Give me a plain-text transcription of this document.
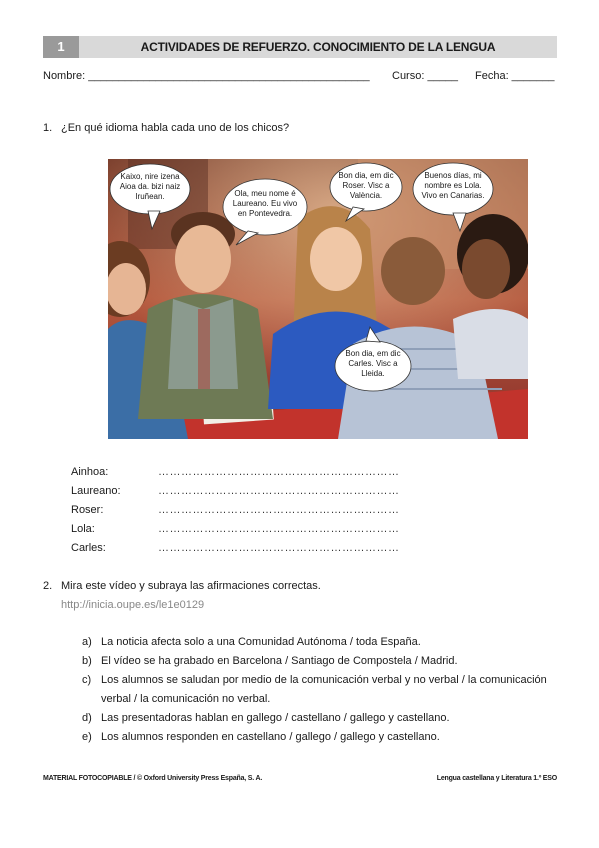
1	ACTIVIDADES DE REFUERZO. CONOCIMIENTO DE LA LENGUA
Nombre: ______________________________________________ Curso: _____ Fecha: _______
1. ¿En qué idioma habla cada uno de los chicos?
Kaixo, nire izena Aioa da. bizi naiz Iruñean.	Ola, meu nome é Laureano. Eu vivo en Pontevedra.
Bon dia, em dic Roser. Visc a València.
Buenos días, mi nombre es Lola. Vivo en Canarias.
Bon dia, em dic Carles. Visc a Lleida.
Ainhoa:	………………………………………………………
Laureano:	………………………………………………………
Roser:	………………………………………………………
Lola:	………………………………………………………
Carles:	………………………………………………………
2. Mira este vídeo y subraya las afirmaciones correctas.
http://inicia.oupe.es/le1e0129
a) La noticia afecta solo a una Comunidad Autónoma / toda España.
b) El vídeo se ha grabado en Barcelona / Santiago de Compostela / Madrid.
c) Los alumnos se saludan por medio de la comunicación verbal y no verbal / la comunicación verbal / la comunicación no verbal.
d) Las presentadoras hablan en gallego / castellano / gallego y castellano.
e) Los alumnos responden en castellano / gallego / gallego y castellano.
MATERIAL FOTOCOPIABLE / © Oxford University Press España, S. A.	Lengua castellana y Literatura 1.º ESO
